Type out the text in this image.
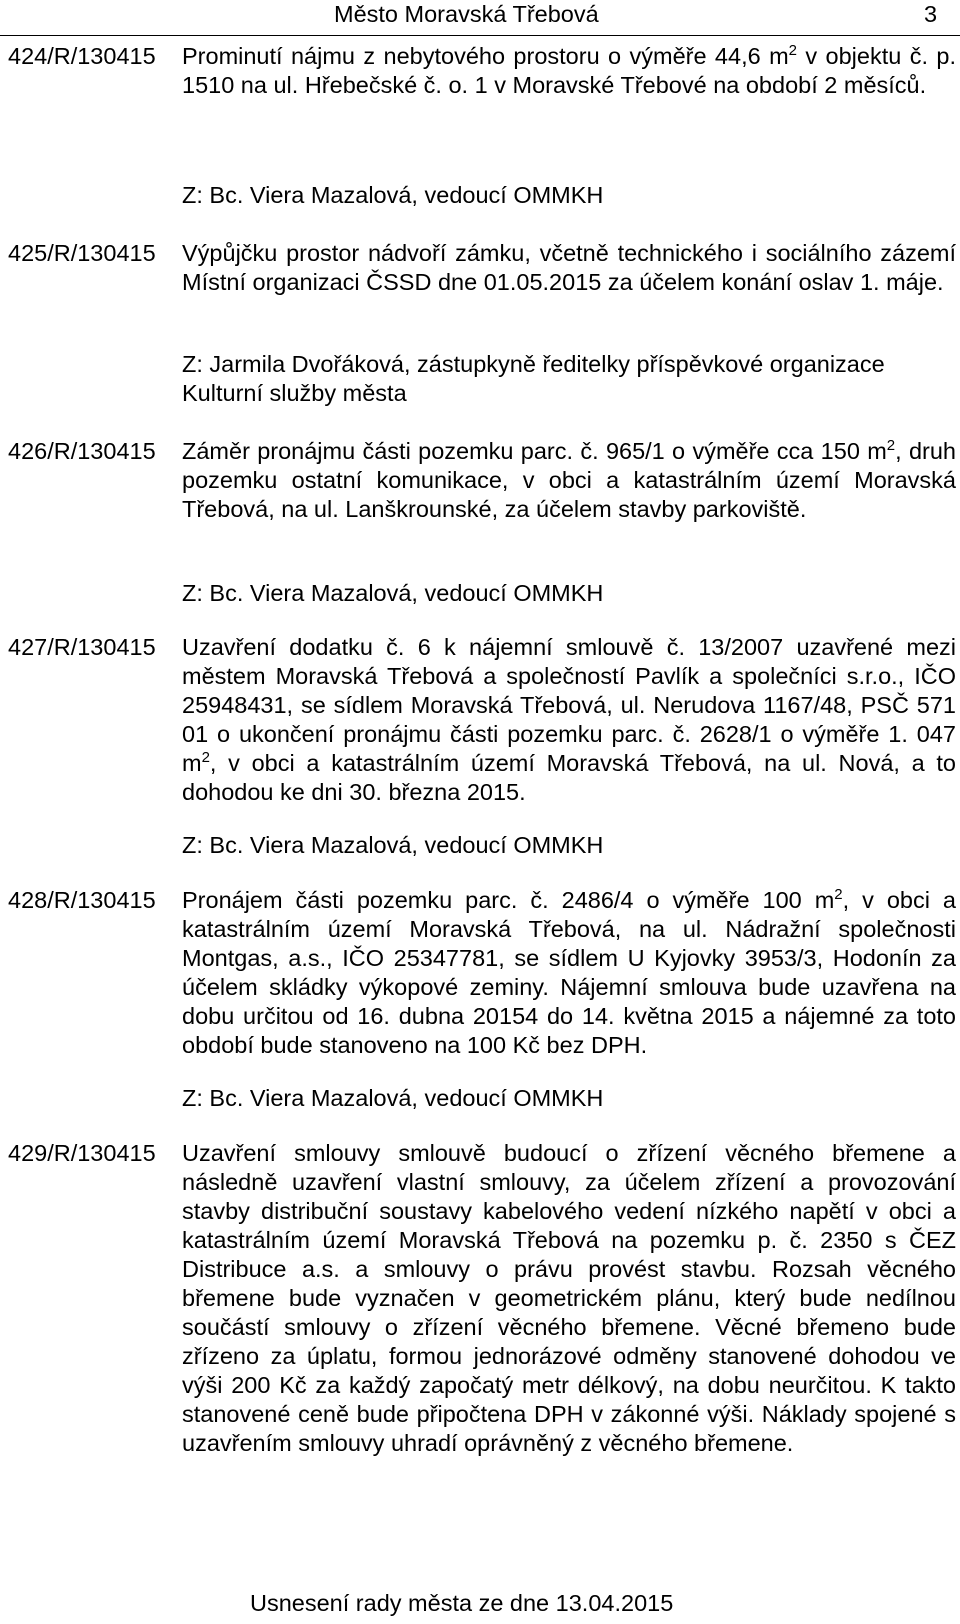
Město Moravská Třebová	3
424/R/130415 Prominutí nájmu z nebytového prostoru o výměře 44,6 $m^2$ v objektu č. p. 1510 na ul. Hřebečské č. o. 1 v Moravské Třebové na období 2 měsíců.
Z: Bc. Viera Mazalová, vedoucí OMMKH
425/R/130415 Výpůjčku prostor nádvoří zámku, včetně technického i sociálního zázemí Místní organizaci ČSSD dne 01.05.2015 za účelem konání oslav 1. máje.
Z: Jarmila Dvořáková, zástupkyně ředitelky příspěvkové organizace Kulturní služby města
426/R/130415 Záměr pronájmu části pozemku parc. č. 965/1 o výměře cca 150 $m^2$, druh pozemku ostatní komunikace, v obci a katastrálním území Moravská Třebová, na ul. Lanškrounské, za účelem stavby parkoviště.
Z: Bc. Viera Mazalová, vedoucí OMMKH
427/R/130415 Uzavření dodatku č. 6 k nájemní smlouvě č. 13/2007 uzavřené mezi městem Moravská Třebová a společností Pavlík a společníci s.r.o., IČO 25948431, se sídlem Moravská Třebová, ul. Nerudova 1167/48, PSČ 571 01 o ukončení pronájmu části pozemku parc. č. 2628/1 o výměře 1. 047 $m^2$, v obci a katastrálním území Moravská Třebová, na ul. Nová, a to dohodou ke dni 30. března 2015.
Z: Bc. Viera Mazalová, vedoucí OMMKH
428/R/130415 Pronájem části pozemku parc. č. 2486/4 o výměře 100 $m^2$, v obci a katastrálním území Moravská Třebová, na ul. Nádražní společnosti Montgas, a.s., IČO 25347781, se sídlem U Kyjovky 3953/3, Hodonín za účelem skládky výkopové zeminy. Nájemní smlouva bude uzavřena na dobu určitou od 16. dubna 20154 do 14. května 2015 a nájemné za toto období bude stanoveno na 100 Kč bez DPH.
Z: Bc. Viera Mazalová, vedoucí OMMKH
429/R/130415 Uzavření smlouvy smlouvě budoucí o zřízení věcného břemene a následně uzavření vlastní smlouvy, za účelem zřízení a provozování stavby distribuční soustavy kabelového vedení nízkého napětí v obci a katastrálním území Moravská Třebová na pozemku p. č. 2350 s ČEZ Distribuce a.s. a smlouvy o právu provést stavbu. Rozsah věcného břemene bude vyznačen v geometrickém plánu, který bude nedílnou součástí smlouvy o zřízení věcného břemene. Věcné břemeno bude zřízeno za úplatu, formou jednorázové odměny stanovené dohodou ve výši 200 Kč za každý započatý metr délkový, na dobu neurčitou. K takto stanovené ceně bude připočtena DPH v zákonné výši. Náklady spojené s uzavřením smlouvy uhradí oprávněný z věcného břemene.
Usnesení rady města ze dne 13.04.2015
